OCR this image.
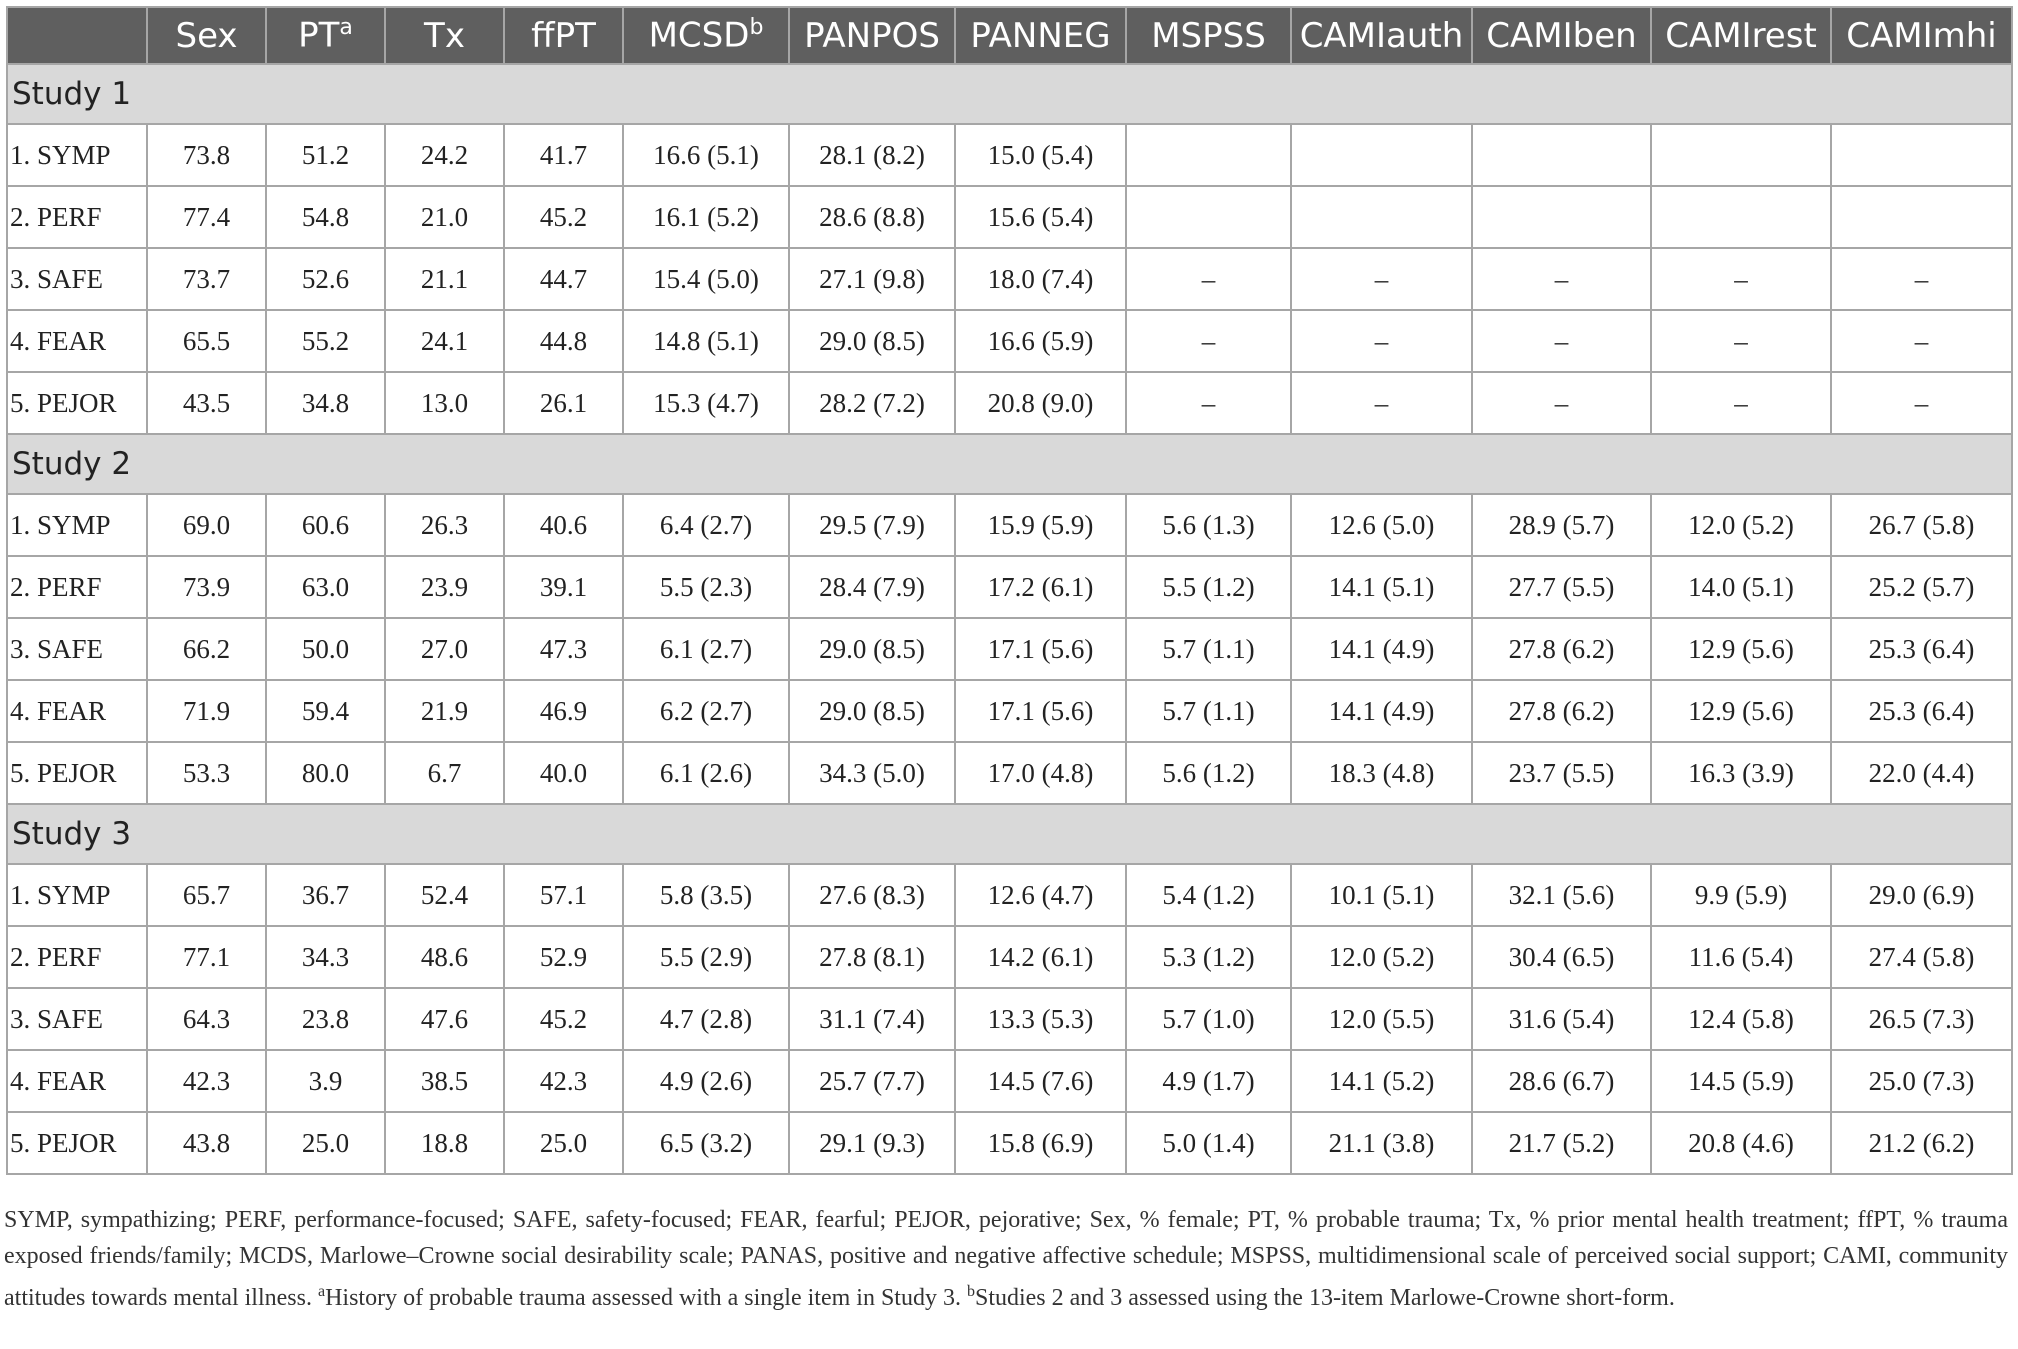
	Sex	$PT^a$	Tx	ffPT	MCSD$^b$	PANPOS	PANNEG	MSPSS	CAMIauth	CAMIben	CAMIrest	CAMImhi
Study 1												
1. SYMP	73.8	51.2	24.2	41.7	16.6 (5.1)	28.1 (8.2)	15.0 (5.4)					
2. PERF	77.4	54.8	21.0	45.2	16.1 (5.2)	28.6 (8.8)	15.6 (5.4)					
3. SAFE	73.7	52.6	21.1	44.7	15.4 (5.0)	27.1 (9.8)	18.0 (7.4)	–	–	–	–	–
4. FEAR	65.5	55.2	24.1	44.8	14.8 (5.1)	29.0 (8.5)	16.6 (5.9)	–	–	–	–	–
5. PEJOR	43.5	34.8	13.0	26.1	15.3 (4.7)	28.2 (7.2)	20.8 (9.0)	–	–	–	–	–
Study 2												
1. SYMP	69.0	60.6	26.3	40.6	6.4 (2.7)	29.5 (7.9)	15.9 (5.9)	5.6 (1.3)	12.6 (5.0)	28.9 (5.7)	12.0 (5.2)	26.7 (5.8)
2. PERF	73.9	63.0	23.9	39.1	5.5 (2.3)	28.4 (7.9)	17.2 (6.1)	5.5 (1.2)	14.1 (5.1)	27.7 (5.5)	14.0 (5.1)	25.2 (5.7)
3. SAFE	66.2	50.0	27.0	47.3	6.1 (2.7)	29.0 (8.5)	17.1 (5.6)	5.7 (1.1)	14.1 (4.9)	27.8 (6.2)	12.9 (5.6)	25.3 (6.4)
4. FEAR	71.9	59.4	21.9	46.9	6.2 (2.7)	29.0 (8.5)	17.1 (5.6)	5.7 (1.1)	14.1 (4.9)	27.8 (6.2)	12.9 (5.6)	25.3 (6.4)
5. PEJOR	53.3	80.0	6.7	40.0	6.1 (2.6)	34.3 (5.0)	17.0 (4.8)	5.6 (1.2)	18.3 (4.8)	23.7 (5.5)	16.3 (3.9)	22.0 (4.4)
Study 3												
1. SYMP	65.7	36.7	52.4	57.1	5.8 (3.5)	27.6 (8.3)	12.6 (4.7)	5.4 (1.2)	10.1 (5.1)	32.1 (5.6)	9.9 (5.9)	29.0 (6.9)
2. PERF	77.1	34.3	48.6	52.9	5.5 (2.9)	27.8 (8.1)	14.2 (6.1)	5.3 (1.2)	12.0 (5.2)	30.4 (6.5)	11.6 (5.4)	27.4 (5.8)
3. SAFE	64.3	23.8	47.6	45.2	4.7 (2.8)	31.1 (7.4)	13.3 (5.3)	5.7 (1.0)	12.0 (5.5)	31.6 (5.4)	12.4 (5.8)	26.5 (7.3)
4. FEAR	42.3	3.9	38.5	42.3	4.9 (2.6)	25.7 (7.7)	14.5 (7.6)	4.9 (1.7)	14.1 (5.2)	28.6 (6.7)	14.5 (5.9)	25.0 (7.3)
5. PEJOR	43.8	25.0	18.8	25.0	6.5 (3.2)	29.1 (9.3)	15.8 (6.9)	5.0 (1.4)	21.1 (3.8)	21.7 (5.2)	20.8 (4.6)	21.2 (6.2)
SYMP, sympathizing; PERF, performance-focused; SAFE, safety-focused; FEAR, fearful; PEJOR, pejorative; Sex, % female; PT, % probable trauma; Tx, % prior mental health treatment; ffPT, % trauma exposed friends/family; MCDS, Marlowe–Crowne social desirability scale; PANAS, positive and negative affective schedule; MSPSS, multidimensional scale of perceived social support; CAMI, community attitudes towards mental illness. $^a$History of probable trauma assessed with a single item in Study 3. $^b$Studies 2 and 3 assessed using the 13-item Marlowe-Crowne short-form.
